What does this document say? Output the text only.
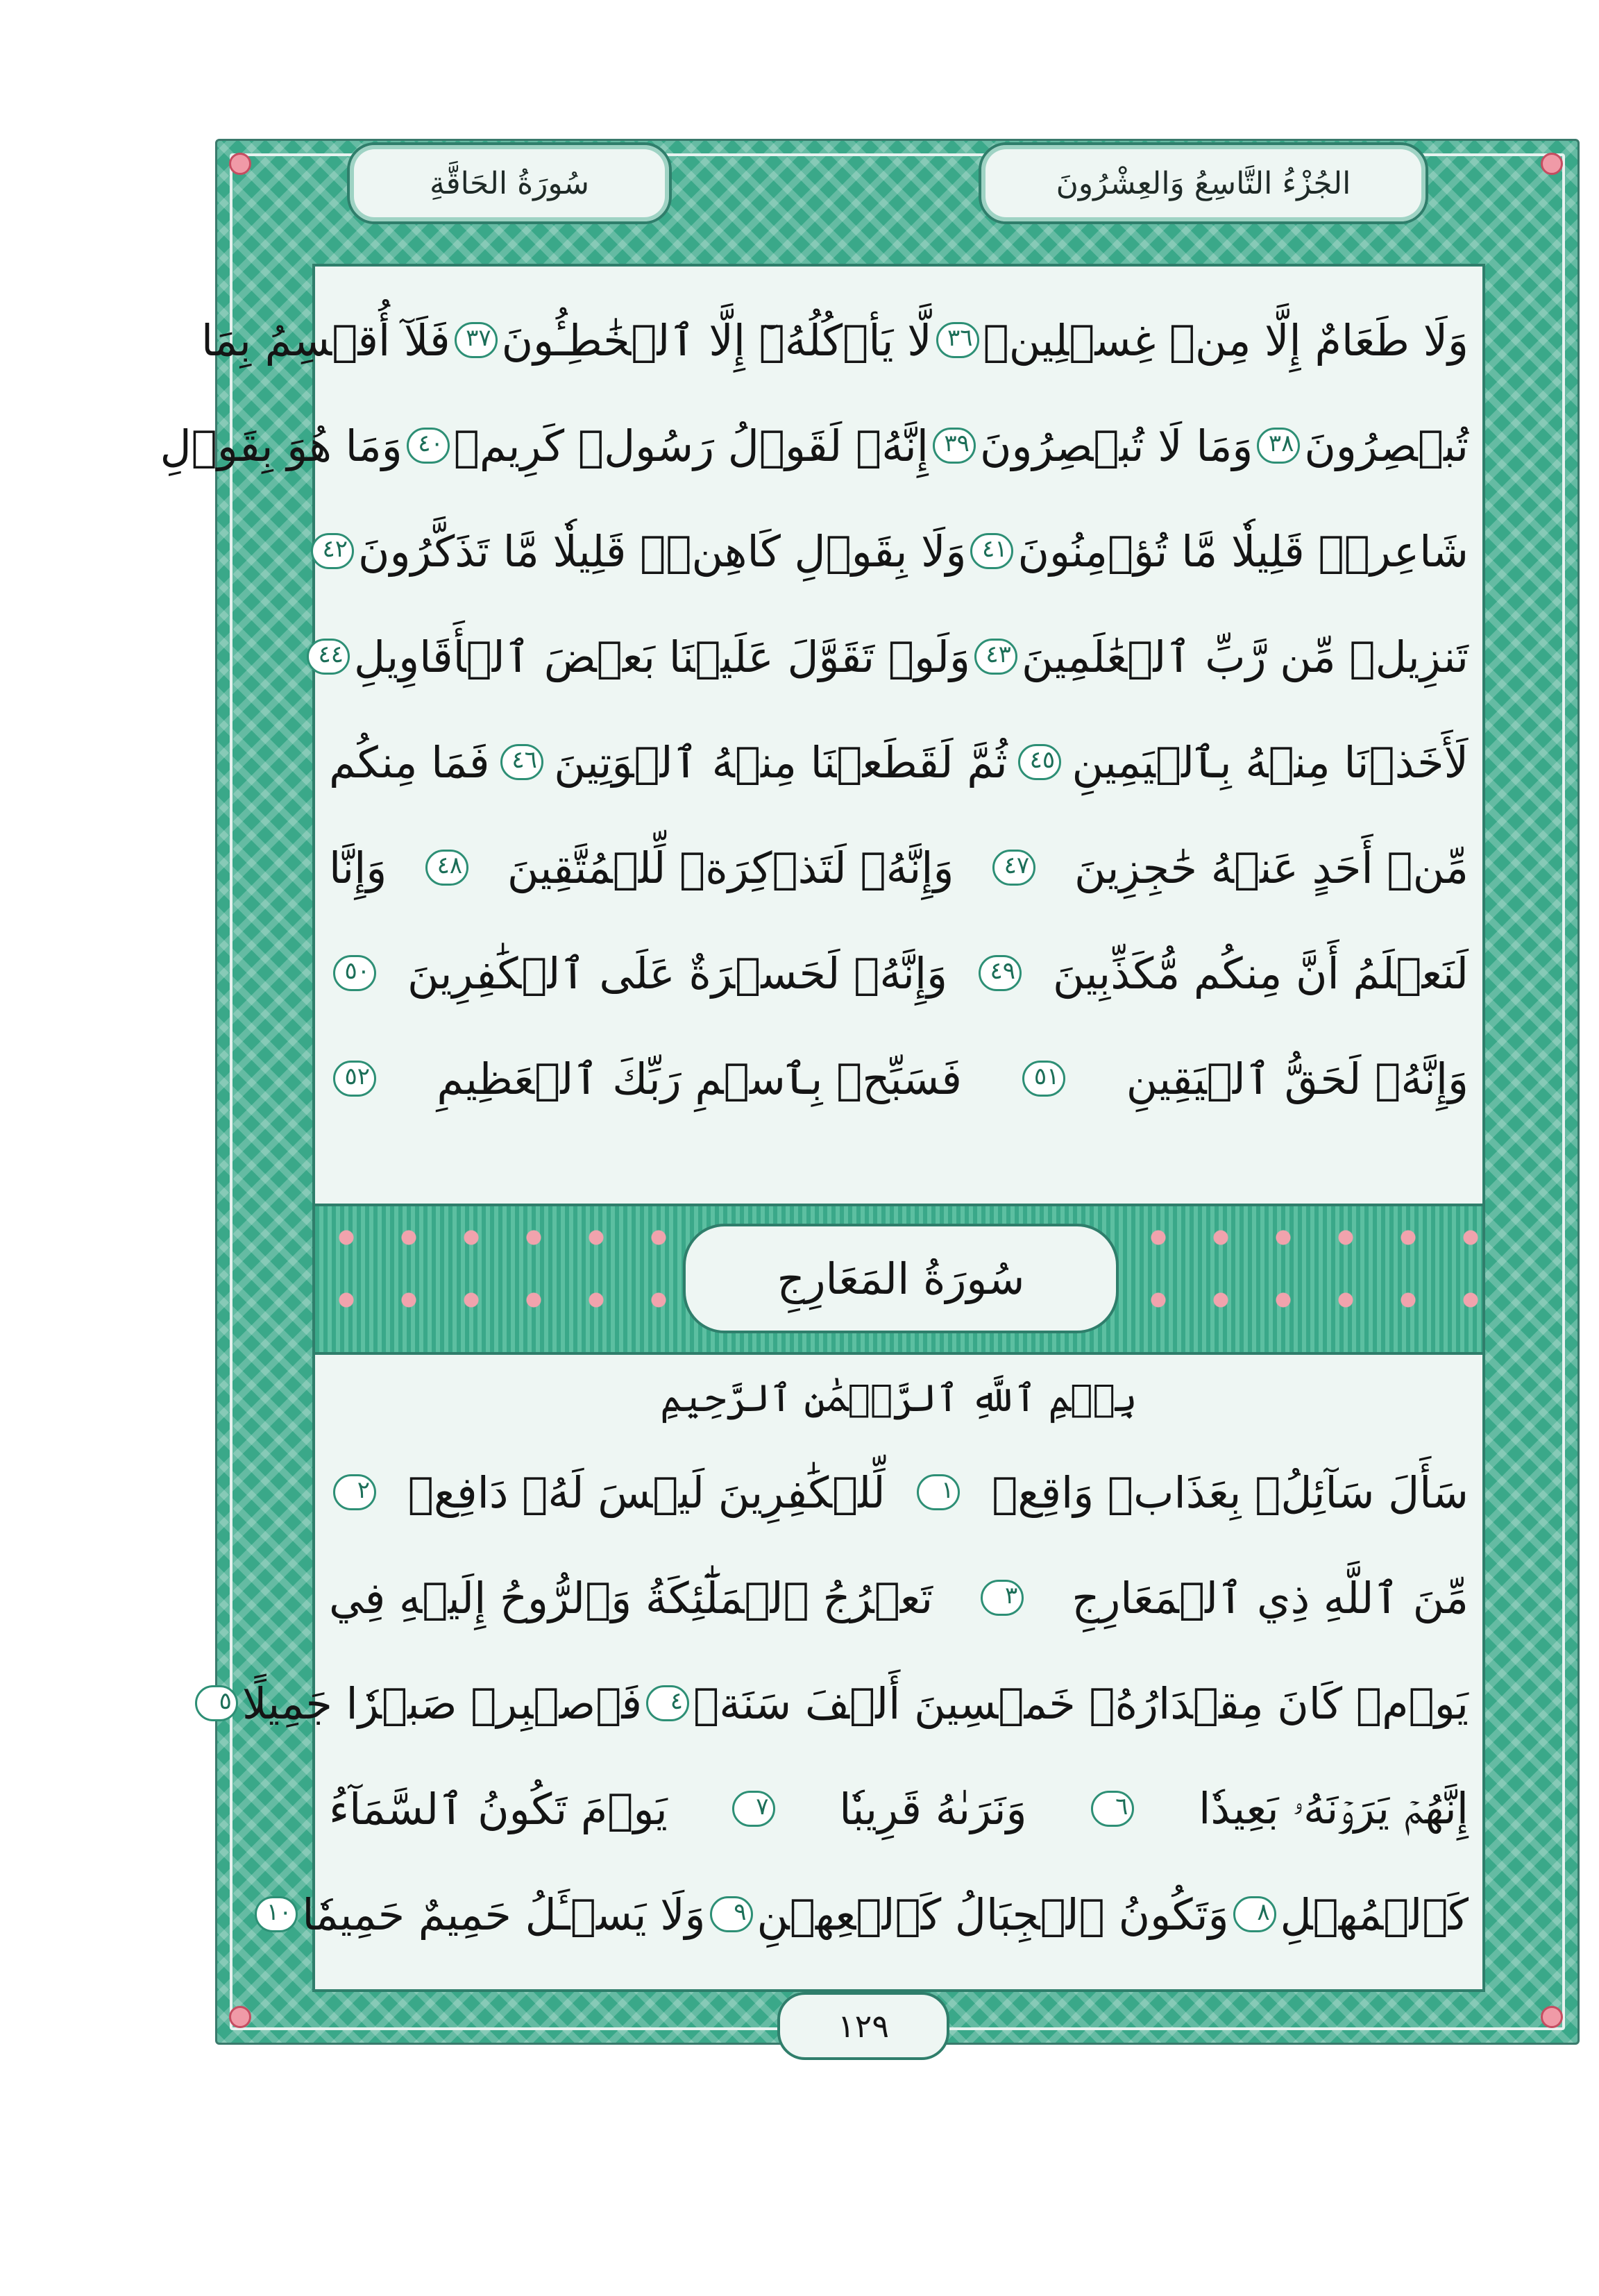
الجُزْءُ التَّاسِعُ وَالعِشْرُونَ
سُورَةُ الحَاقَّةِ
وَلَا طَعَامٌ إِلَّا مِنۡ غِسۡلِينٖ
٣٦
لَّا يَأۡكُلُهُۥٓ إِلَّا ٱلۡخَٰطِـُٔونَ
٣٧
فَلَآ أُقۡسِمُ بِمَا
تُبۡصِرُونَ
٣٨
وَمَا لَا تُبۡصِرُونَ
٣٩
إِنَّهُۥ لَقَوۡلُ رَسُولٖ كَرِيمٖ
٤٠
وَمَا هُوَ بِقَوۡلِ
شَاعِرٖۚ قَلِيلٗا مَّا تُؤۡمِنُونَ
٤١
وَلَا بِقَوۡلِ كَاهِنٖۚ قَلِيلٗا مَّا تَذَكَّرُونَ
٤٢
تَنزِيلٞ مِّن رَّبِّ ٱلۡعَٰلَمِينَ
٤٣
وَلَوۡ تَقَوَّلَ عَلَيۡنَا بَعۡضَ ٱلۡأَقَاوِيلِ
٤٤
لَأَخَذۡنَا مِنۡهُ بِٱلۡيَمِينِ
٤٥
ثُمَّ لَقَطَعۡنَا مِنۡهُ ٱلۡوَتِينَ
٤٦
فَمَا مِنكُم
مِّنۡ أَحَدٍ عَنۡهُ حَٰجِزِينَ
٤٧
وَإِنَّهُۥ لَتَذۡكِرَةٞ لِّلۡمُتَّقِينَ
٤٨
وَإِنَّا
لَنَعۡلَمُ أَنَّ مِنكُم مُّكَذِّبِينَ
٤٩
وَإِنَّهُۥ لَحَسۡرَةٌ عَلَى ٱلۡكَٰفِرِينَ
٥٠
وَإِنَّهُۥ لَحَقُّ ٱلۡيَقِينِ
٥١
فَسَبِّحۡ بِٱسۡمِ رَبِّكَ ٱلۡعَظِيمِ
٥٢
سُورَةُ المَعَارِجِ
بِسۡمِ ٱللَّهِ ٱلرَّحۡمَٰنِ ٱلرَّحِيمِ
سَأَلَ سَآئِلُۢ بِعَذَابٖ وَاقِعٖ
١
لِّلۡكَٰفِرِينَ لَيۡسَ لَهُۥ دَافِعٞ
٢
مِّنَ ٱللَّهِ ذِي ٱلۡمَعَارِجِ
٣
تَعۡرُجُ ٱلۡمَلَٰٓئِكَةُ وَٱلرُّوحُ إِلَيۡهِ فِي
يَوۡمٖ كَانَ مِقۡدَارُهُۥ خَمۡسِينَ أَلۡفَ سَنَةٖ
٤
فَٱصۡبِرۡ صَبۡرٗا جَمِيلًا
٥
إِنَّهُمۡ يَرَوۡنَهُۥ بَعِيدٗا
٦
وَنَرَىٰهُ قَرِيبٗا
٧
يَوۡمَ تَكُونُ ٱلسَّمَآءُ
كَٱلۡمُهۡلِ
٨
وَتَكُونُ ٱلۡجِبَالُ كَٱلۡعِهۡنِ
٩
وَلَا يَسۡـَٔلُ حَمِيمٌ حَمِيمٗا
١٠
١٢٩
